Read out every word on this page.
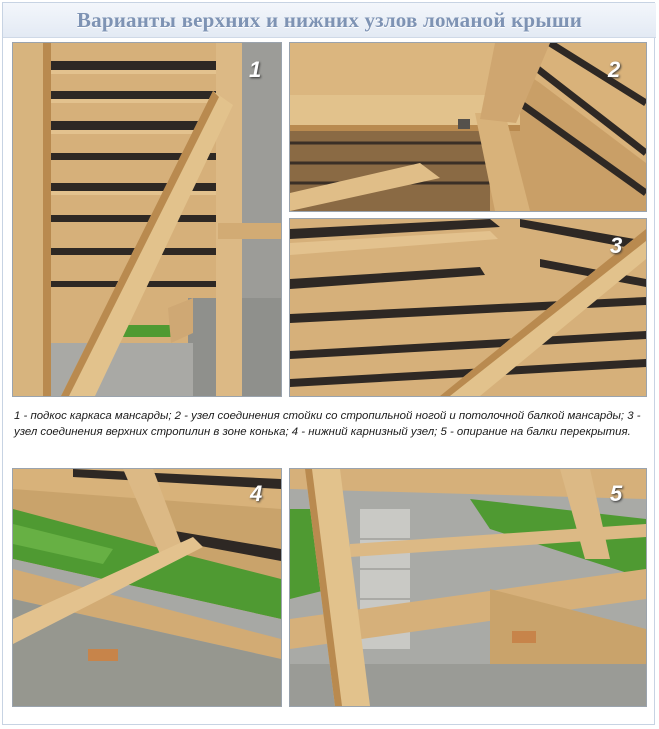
Варианты верхних и нижних узлов ломаной крыши
1	2
3
1 - подкос каркаса мансарды; 2 - узел соединения стойки со стропильной ногой и потолочной балкой мансарды; 3 - узел соединения верхних стропилин в зоне конька; 4 - нижний карнизный узел; 5 - опирание на балки перекрытия.
4	5
